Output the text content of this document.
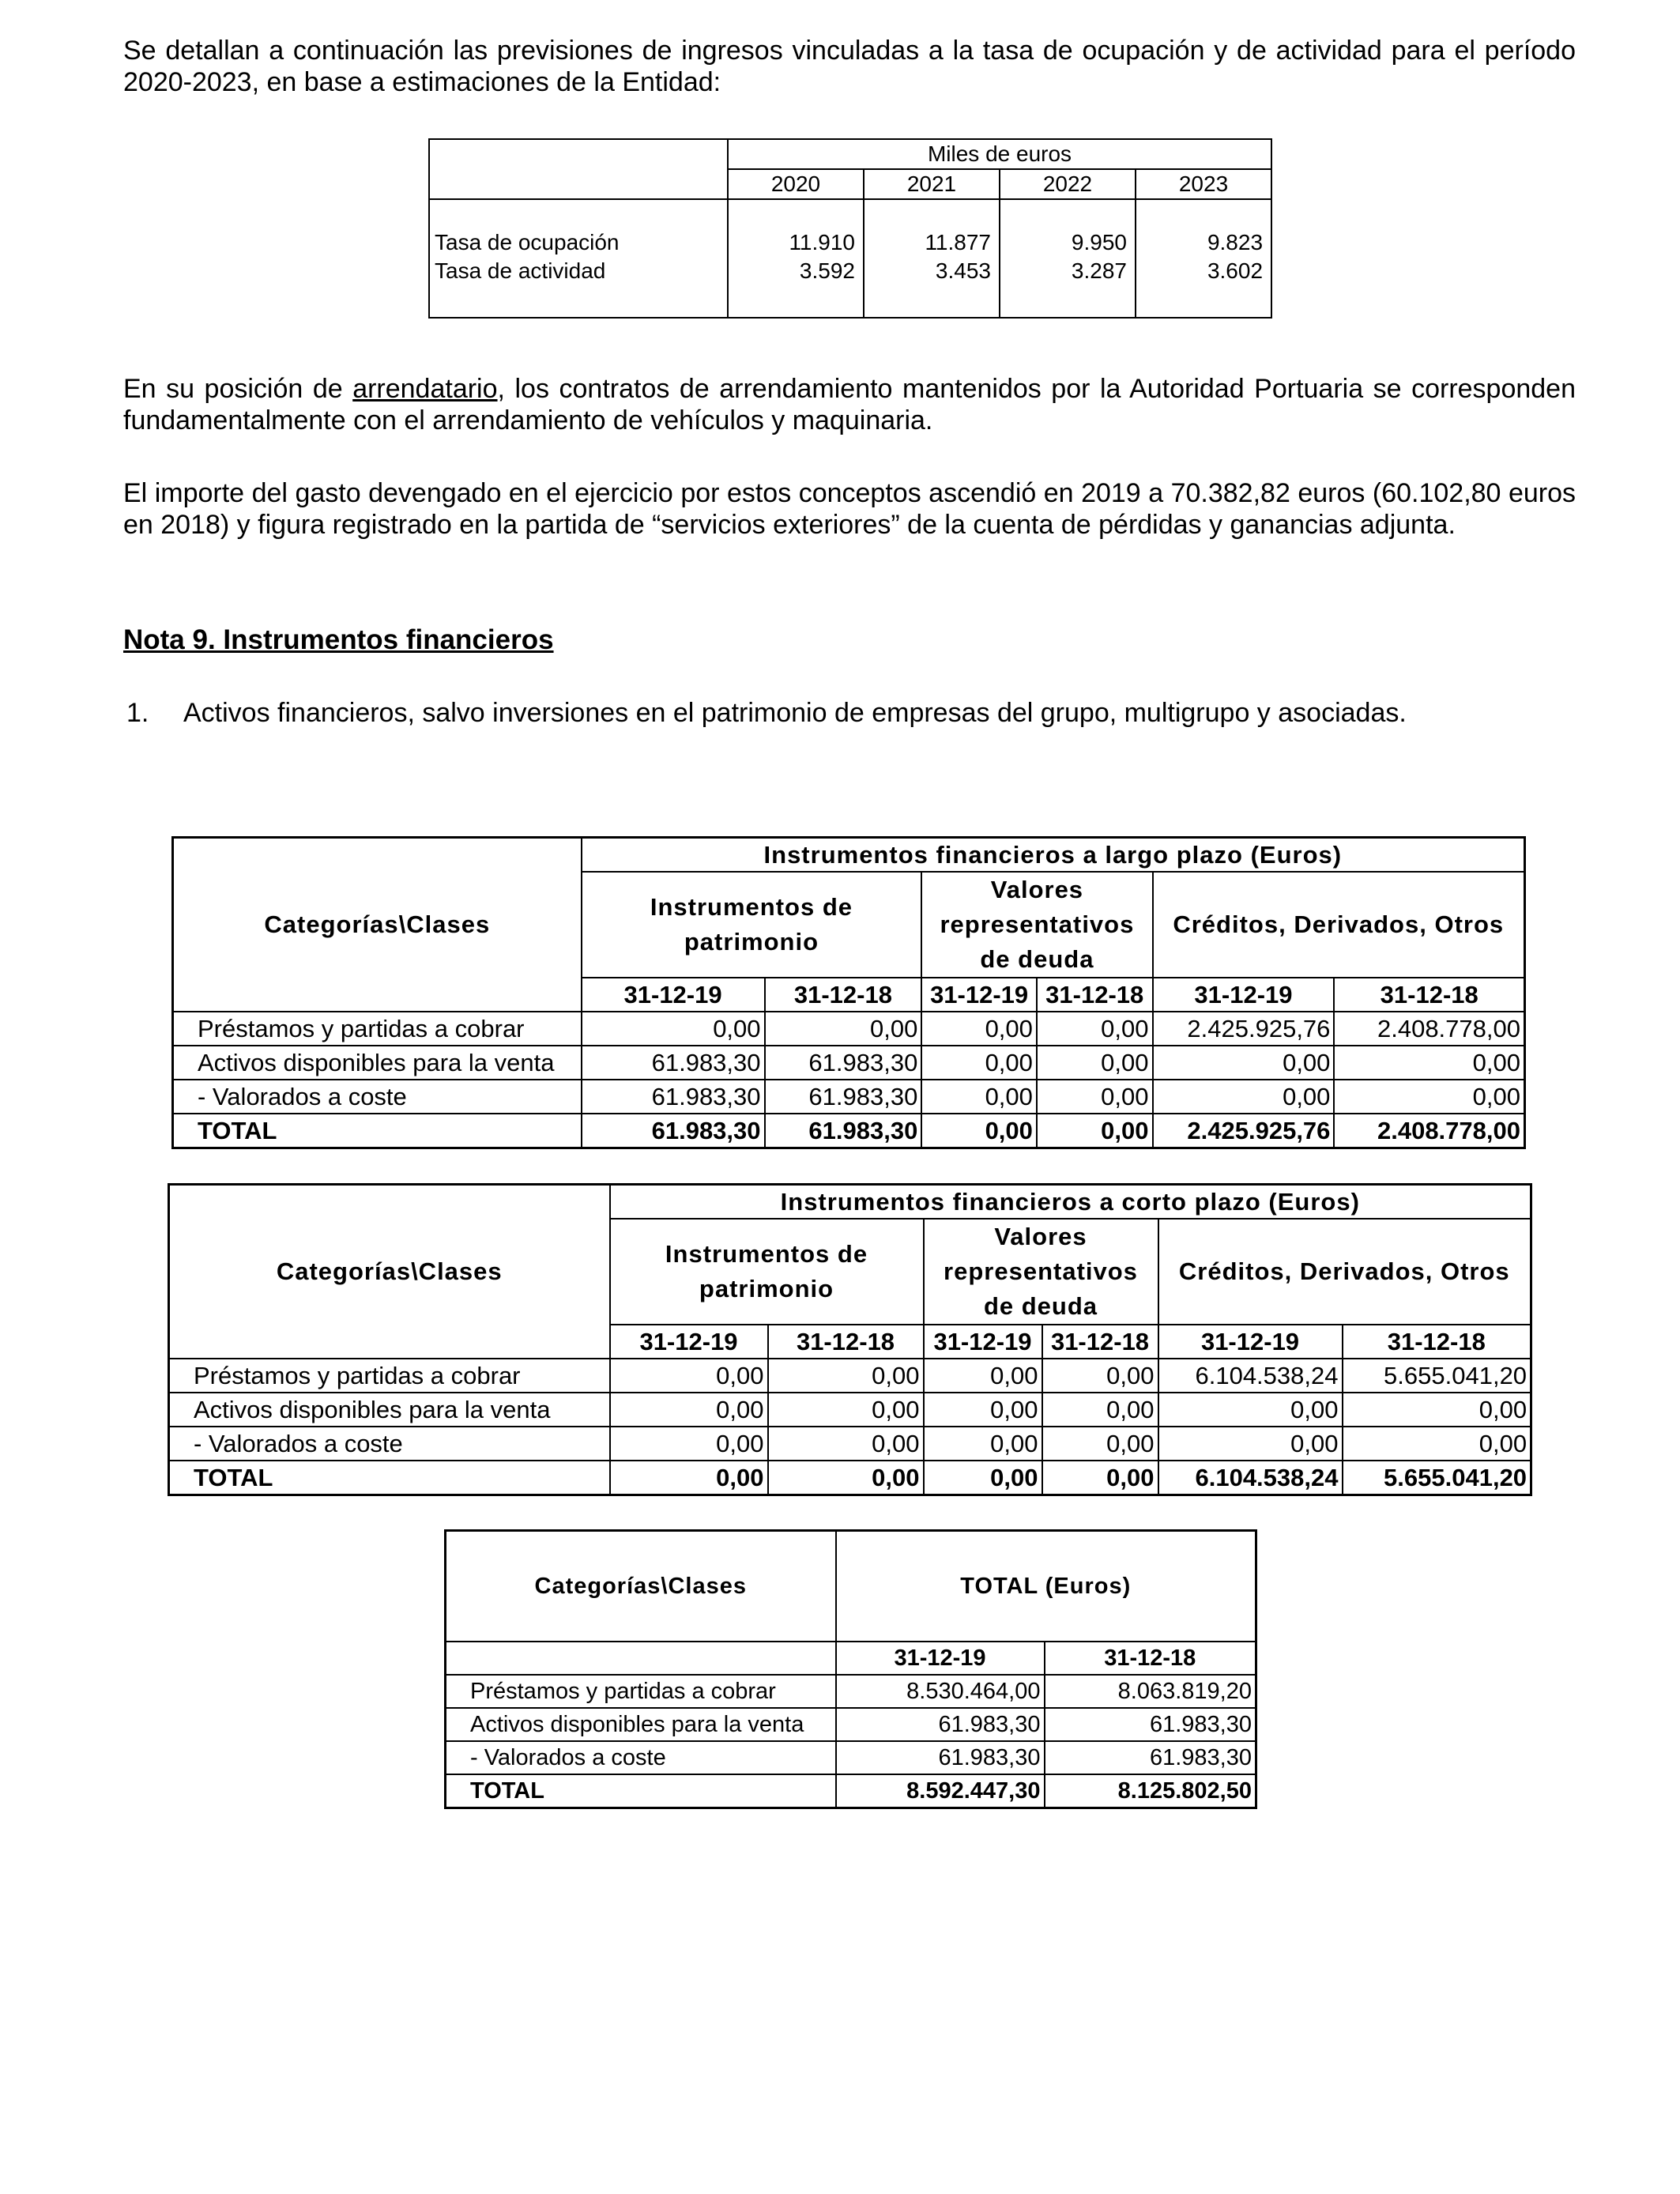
Se detallan a continuación las previsiones de ingresos vinculadas a la tasa de ocupación y de actividad para el período 2020-2023, en base a estimaciones de la Entidad:

	Miles de euros			
	2020	2021	2022	2023

Tasa de ocupación	11.910	11.877	9.950	9.823
Tasa de actividad	3.592	3.453	3.287	3.602

En su posición de arrendatario, los contratos de arrendamiento mantenidos por la Autoridad Portuaria se corresponden fundamentalmente con el arrendamiento de vehículos y maquinaria.

El importe del gasto devengado en el ejercicio por estos conceptos ascendió en 2019 a 70.382,82 euros (60.102,80 euros en 2018) y figura registrado en la partida de “servicios exteriores” de la cuenta de pérdidas y ganancias adjunta.

Nota 9. Instrumentos financieros

1. Activos financieros, salvo inversiones en el patrimonio de empresas del grupo, multigrupo y asociadas.
Categorías\Clases	Instrumentos financieros a largo plazo (Euros)					
	Instrumentos de patrimonio		Valores representativos de deuda		Créditos, Derivados, Otros	
	31-12-19	31-12-18	31-12-19	31-12-18	31-12-19	31-12-18
Préstamos y partidas a cobrar	0,00	0,00	0,00	0,00	2.425.925,76	2.408.778,00
Activos disponibles para la venta	61.983,30	61.983,30	0,00	0,00	0,00	0,00
- Valorados a coste	61.983,30	61.983,30	0,00	0,00	0,00	0,00
TOTAL	61.983,30	61.983,30	0,00	0,00	2.425.925,76	2.408.778,00
Categorías\Clases	Instrumentos financieros a corto plazo (Euros)					
	Instrumentos de patrimonio		Valores representativos de deuda		Créditos, Derivados, Otros	
	31-12-19	31-12-18	31-12-19	31-12-18	31-12-19	31-12-18
Préstamos y partidas a cobrar	0,00	0,00	0,00	0,00	6.104.538,24	5.655.041,20
Activos disponibles para la venta	0,00	0,00	0,00	0,00	0,00	0,00
- Valorados a coste	0,00	0,00	0,00	0,00	0,00	0,00
TOTAL	0,00	0,00	0,00	0,00	6.104.538,24	5.655.041,20
Categorías\Clases	TOTAL (Euros)	

	31-12-19	31-12-18
Préstamos y partidas a cobrar	8.530.464,00	8.063.819,20
Activos disponibles para la venta	61.983,30	61.983,30
- Valorados a coste	61.983,30	61.983,30
TOTAL	8.592.447,30	8.125.802,50
